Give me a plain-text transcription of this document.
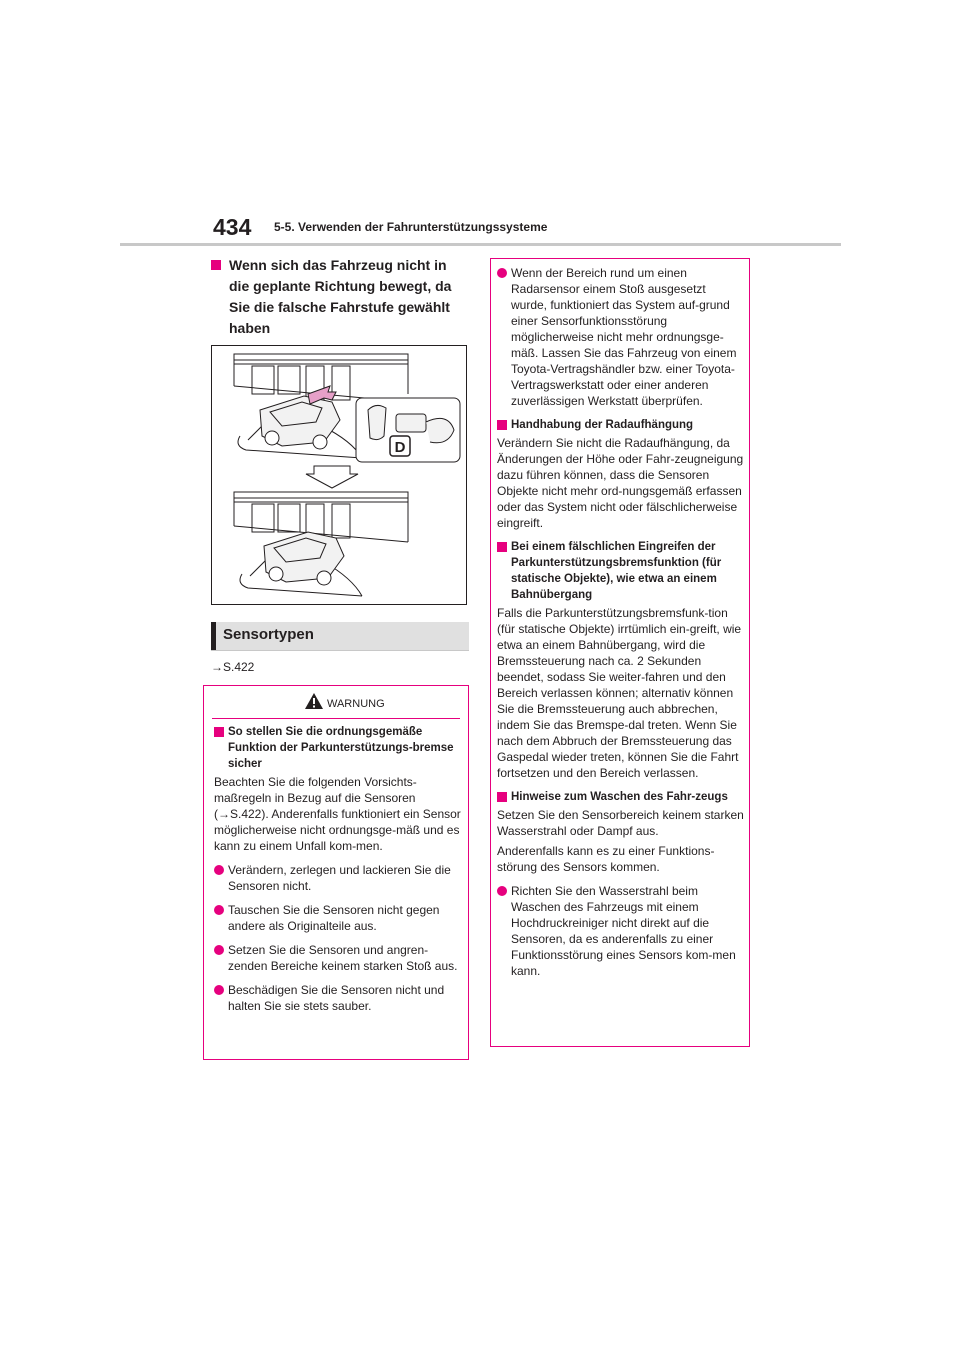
434 5-5. Verwenden der Fahrunterstützungssysteme
Wenn sich das Fahrzeug nicht in die geplante Richtung bewegt, da Sie die falsche Fahrstufe gewählt haben
D
Sensortypen
→S.422
WARNUNG
So stellen Sie die ordnungsgemäße Funktion der Parkunterstützungs-bremse sicher

Beachten Sie die folgenden Vorsichts-maßregeln in Bezug auf die Sensoren (→S.422). Anderenfalls funktioniert ein Sensor möglicherweise nicht ordnungsge-mäß und es kann zu einem Unfall kom-men.

Verändern, zerlegen und lackieren Sie die Sensoren nicht.
Tauschen Sie die Sensoren nicht gegen andere als Originalteile aus.
Setzen Sie die Sensoren und angren-zenden Bereiche keinem starken Stoß aus.
Beschädigen Sie die Sensoren nicht und halten Sie sie stets sauber.
Wenn der Bereich rund um einen Radarsensor einem Stoß ausgesetzt wurde, funktioniert das System auf-grund einer Sensorfunktionsstörung möglicherweise nicht mehr ordnungsge-mäß. Lassen Sie das Fahrzeug von einem Toyota-Vertragshändler bzw. einer Toyota-Vertragswerkstatt oder einer anderen zuverlässigen Werkstatt überprüfen.
Handhabung der Radaufhängung

Verändern Sie nicht die Radaufhängung, da Änderungen der Höhe oder Fahr-zeugneigung dazu führen können, dass die Sensoren Objekte nicht mehr ord-nungsgemäß erfassen oder das System nicht oder fälschlicherweise eingreift.

Bei einem fälschlichen Eingreifen der Parkunterstützungsbremsfunktion (für statische Objekte), wie etwa an einem Bahnübergang

Falls die Parkunterstützungsbremsfunk-tion (für statische Objekte) irrtümlich ein-greift, wie etwa an einem Bahnübergang, wird die Bremssteuerung nach ca. 2 Sekunden beendet, sodass Sie weiter-fahren und den Bereich verlassen können; alternativ können Sie die Bremssteuerung auch abbrechen, indem Sie das Bremspe-dal treten. Wenn Sie nach dem Abbruch der Bremssteuerung das Gaspedal wieder treten, können Sie die Fahrt fortsetzen und den Bereich verlassen.

Hinweise zum Waschen des Fahr-zeugs

Setzen Sie den Sensorbereich keinem starken Wasserstrahl oder Dampf aus.

Anderenfalls kann es zu einer Funktions-störung des Sensors kommen.

Richten Sie den Wasserstrahl beim Waschen des Fahrzeugs mit einem Hochdruckreiniger nicht direkt auf die Sensoren, da es anderenfalls zu einer Funktionsstörung eines Sensors kom-men kann.
